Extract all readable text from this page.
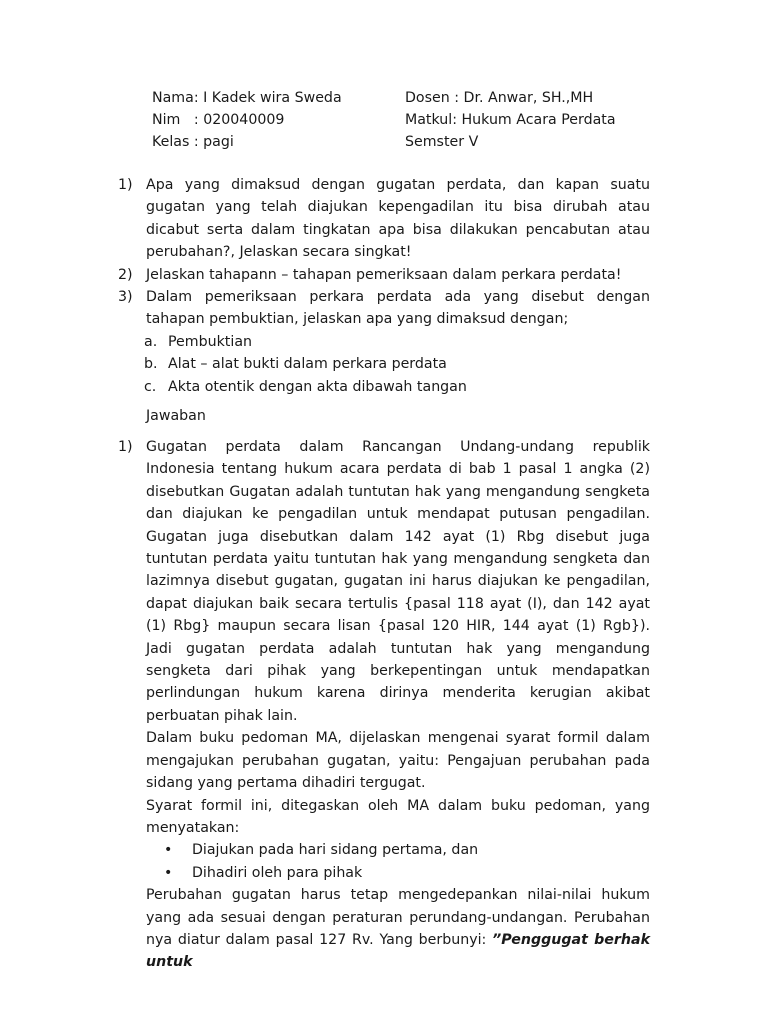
Nama: I Kadek wira Sweda
Nim   : 020040009
Kelas : pagi
Dosen : Dr. Anwar, SH.,MH
Matkul: Hukum Acara Perdata
Semster V
1) Apa yang dimaksud dengan gugatan perdata, dan kapan suatu gugatan yang telah diajukan kepengadilan itu bisa dirubah atau dicabut serta dalam tingkatan apa bisa dilakukan pencabutan atau perubahan?, Jelaskan secara singkat!
2) Jelaskan tahapann – tahapan pemeriksaan dalam perkara perdata!
3) Dalam pemeriksaan perkara perdata ada yang disebut dengan tahapan pembuktian, jelaskan apa yang dimaksud dengan;
a. Pembuktian
b. Alat – alat bukti dalam perkara perdata
c. Akta otentik dengan akta dibawah tangan
Jawaban
1) Gugatan perdata dalam Rancangan Undang-undang republik Indonesia tentang hukum acara perdata di bab 1 pasal 1 angka (2) disebutkan Gugatan adalah tuntutan hak yang mengandung sengketa dan diajukan ke pengadilan untuk mendapat putusan pengadilan. Gugatan juga disebutkan dalam 142 ayat (1) Rbg disebut juga tuntutan perdata yaitu tuntutan hak yang mengandung sengketa dan lazimnya disebut gugatan, gugatan ini harus diajukan ke pengadilan, dapat diajukan baik secara tertulis {pasal 118 ayat (I), dan 142 ayat (1) Rbg} maupun secara lisan {pasal 120 HIR, 144 ayat (1) Rgb}). Jadi gugatan perdata adalah tuntutan hak yang mengandung sengketa dari pihak yang berkepentingan untuk mendapatkan perlindungan hukum karena dirinya menderita kerugian akibat perbuatan pihak lain.
Dalam buku pedoman MA, dijelaskan mengenai syarat formil dalam mengajukan perubahan gugatan, yaitu: Pengajuan perubahan pada sidang yang pertama dihadiri tergugat.
Syarat formil ini, ditegaskan oleh MA dalam buku pedoman, yang menyatakan:
• Diajukan pada hari sidang pertama, dan
• Dihadiri oleh para pihak
Perubahan gugatan harus tetap mengedepankan nilai-nilai hukum yang ada sesuai dengan peraturan perundang-undangan. Perubahan nya diatur dalam pasal 127 Rv. Yang berbunyi: ”Penggugat berhak untuk
